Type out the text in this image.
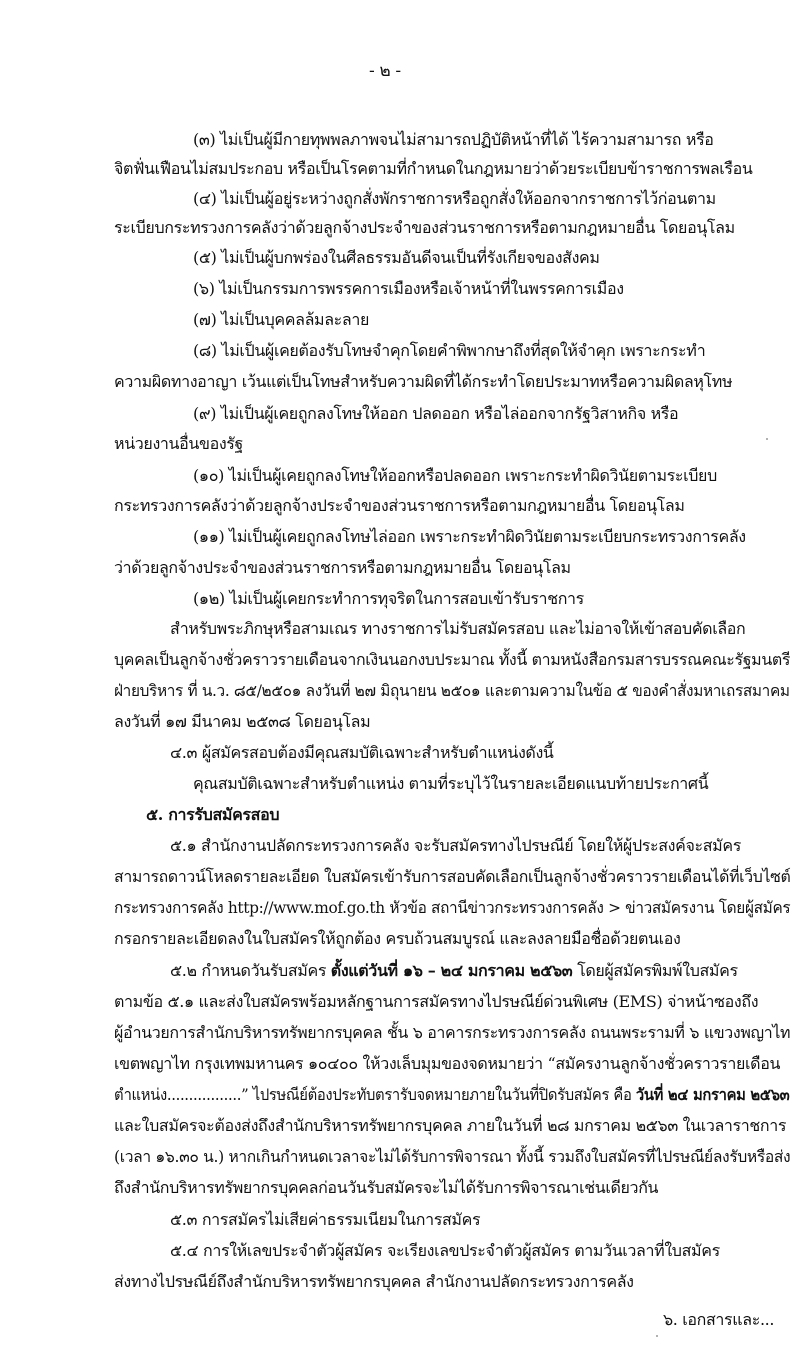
- ๒ -
(๓) ไม่เป็นผู้มีกายทุพพลภาพจนไม่สามารถปฏิบัติหน้าที่ได้ ไร้ความสามารถ หรือ
จิตฟั่นเฟือนไม่สมประกอบ หรือเป็นโรคตามที่กำหนดในกฎหมายว่าด้วยระเบียบข้าราชการพลเรือน
(๔) ไม่เป็นผู้อยู่ระหว่างถูกสั่งพักราชการหรือถูกสั่งให้ออกจากราชการไว้ก่อนตาม
ระเบียบกระทรวงการคลังว่าด้วยลูกจ้างประจำของส่วนราชการหรือตามกฎหมายอื่น โดยอนุโลม
(๕) ไม่เป็นผู้บกพร่องในศีลธรรมอันดีจนเป็นที่รังเกียจของสังคม
(๖) ไม่เป็นกรรมการพรรคการเมืองหรือเจ้าหน้าที่ในพรรคการเมือง
(๗) ไม่เป็นบุคคลล้มละลาย
(๘) ไม่เป็นผู้เคยต้องรับโทษจำคุกโดยคำพิพากษาถึงที่สุดให้จำคุก เพราะกระทำ
ความผิดทางอาญา เว้นแต่เป็นโทษสำหรับความผิดที่ได้กระทำโดยประมาทหรือความผิดลหุโทษ
(๙) ไม่เป็นผู้เคยถูกลงโทษให้ออก ปลดออก หรือไล่ออกจากรัฐวิสาหกิจ หรือ
หน่วยงานอื่นของรัฐ
(๑๐) ไม่เป็นผู้เคยถูกลงโทษให้ออกหรือปลดออก เพราะกระทำผิดวินัยตามระเบียบ
กระทรวงการคลังว่าด้วยลูกจ้างประจำของส่วนราชการหรือตามกฎหมายอื่น โดยอนุโลม
(๑๑) ไม่เป็นผู้เคยถูกลงโทษไล่ออก เพราะกระทำผิดวินัยตามระเบียบกระทรวงการคลัง
ว่าด้วยลูกจ้างประจำของส่วนราชการหรือตามกฎหมายอื่น โดยอนุโลม
(๑๒) ไม่เป็นผู้เคยกระทำการทุจริตในการสอบเข้ารับราชการ
สำหรับพระภิกษุหรือสามเณร ทางราชการไม่รับสมัครสอบ และไม่อาจให้เข้าสอบคัดเลือก
บุคคลเป็นลูกจ้างชั่วคราวรายเดือนจากเงินนอกงบประมาณ ทั้งนี้ ตามหนังสือกรมสารบรรณคณะรัฐมนตรี
ฝ่ายบริหาร ที่ น.ว. ๘๕/๒๕๐๑ ลงวันที่ ๒๗ มิถุนายน ๒๕๐๑ และตามความในข้อ ๕ ของคำสั่งมหาเถรสมาคม
ลงวันที่ ๑๗ มีนาคม ๒๕๓๘ โดยอนุโลม
๔.๓ ผู้สมัครสอบต้องมีคุณสมบัติเฉพาะสำหรับตำแหน่งดังนี้
คุณสมบัติเฉพาะสำหรับตำแหน่ง ตามที่ระบุไว้ในรายละเอียดแนบท้ายประกาศนี้
๕. การรับสมัครสอบ
๕.๑ สำนักงานปลัดกระทรวงการคลัง จะรับสมัครทางไปรษณีย์ โดยให้ผู้ประสงค์จะสมัคร
สามารถดาวน์โหลดรายละเอียด ใบสมัครเข้ารับการสอบคัดเลือกเป็นลูกจ้างชั่วคราวรายเดือนได้ที่เว็บไซต์
กระทรวงการคลัง http://www.mof.go.th หัวข้อ สถานีข่าวกระทรวงการคลัง > ข่าวสมัครงาน โดยผู้สมัคร
กรอกรายละเอียดลงในใบสมัครให้ถูกต้อง ครบถ้วนสมบูรณ์ และลงลายมือชื่อด้วยตนเอง
๕.๒ กำหนดวันรับสมัคร ตั้งแต่วันที่ ๑๖ – ๒๔ มกราคม ๒๕๖๓ โดยผู้สมัครพิมพ์ใบสมัคร
ตามข้อ ๕.๑ และส่งใบสมัครพร้อมหลักฐานการสมัครทางไปรษณีย์ด่วนพิเศษ (EMS) จ่าหน้าซองถึง
ผู้อำนวยการสำนักบริหารทรัพยากรบุคคล ชั้น ๖ อาคารกระทรวงการคลัง ถนนพระรามที่ ๖ แขวงพญาไท
เขตพญาไท กรุงเทพมหานคร ๑๐๔๐๐ ให้วงเล็บมุมของจดหมายว่า “สมัครงานลูกจ้างชั่วคราวรายเดือน
ตำแหน่ง.................” ไปรษณีย์ต้องประทับตรารับจดหมายภายในวันที่ปิดรับสมัคร คือ วันที่ ๒๔ มกราคม ๒๕๖๓
และใบสมัครจะต้องส่งถึงสำนักบริหารทรัพยากรบุคคล ภายในวันที่ ๒๘ มกราคม ๒๕๖๓ ในเวลาราชการ
(เวลา ๑๖.๓๐ น.) หากเกินกำหนดเวลาจะไม่ได้รับการพิจารณา ทั้งนี้ รวมถึงใบสมัครที่ไปรษณีย์ลงรับหรือส่ง
ถึงสำนักบริหารทรัพยากรบุคคลก่อนวันรับสมัครจะไม่ได้รับการพิจารณาเช่นเดียวกัน
๕.๓ การสมัครไม่เสียค่าธรรมเนียมในการสมัคร
๕.๔ การให้เลขประจำตัวผู้สมัคร จะเรียงเลขประจำตัวผู้สมัคร ตามวันเวลาที่ใบสมัคร
ส่งทางไปรษณีย์ถึงสำนักบริหารทรัพยากรบุคคล สำนักงานปลัดกระทรวงการคลัง
๖. เอกสารและ...
